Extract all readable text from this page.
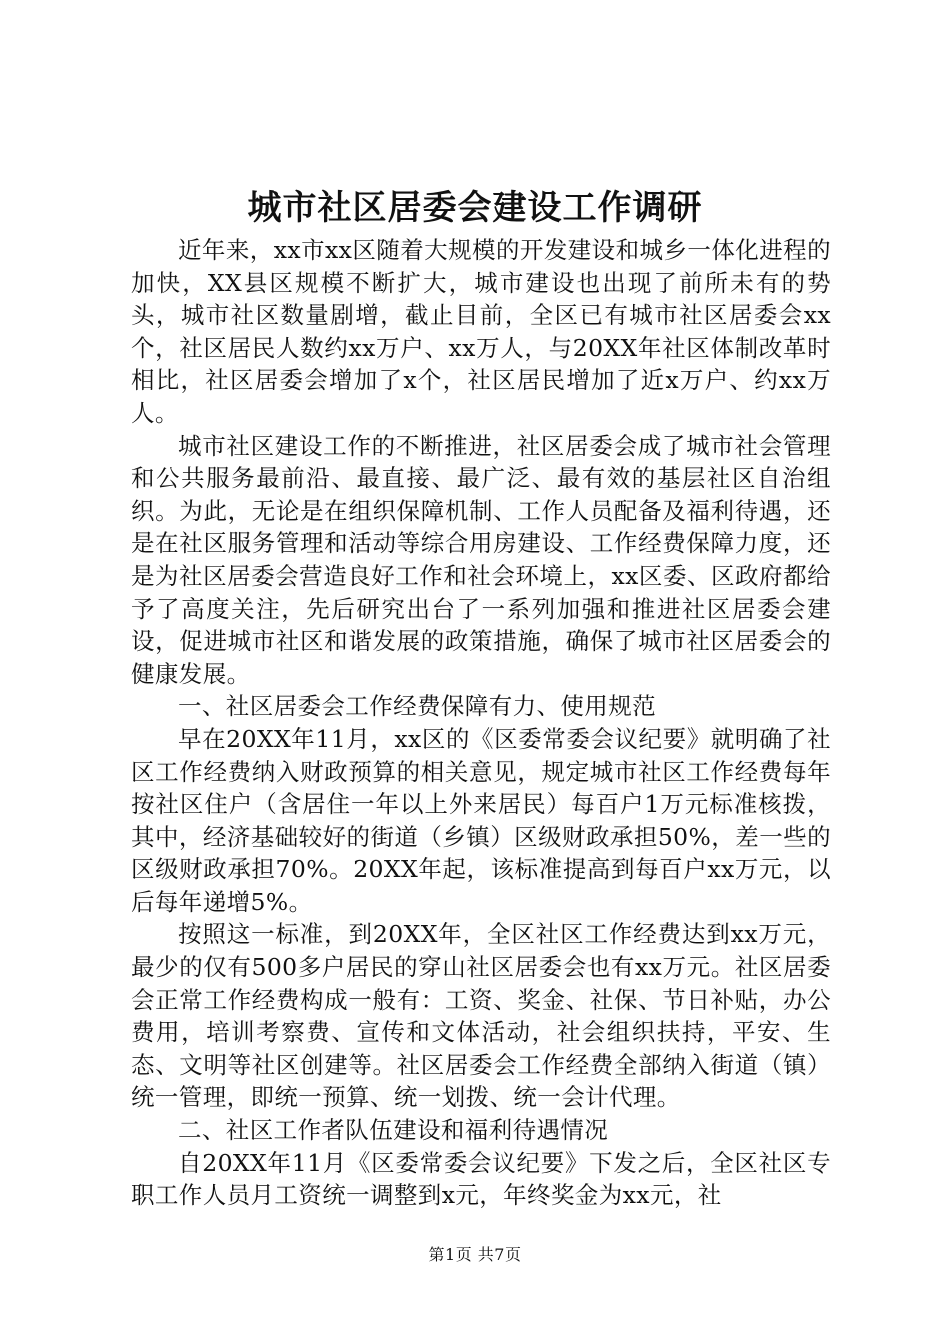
城市社区居委会建设工作调研

近年来，xx市xx区随着大规模的开发建设和城乡一体化进程的加快，XX县区规模不断扩大，城市建设也出现了前所未有的势头，城市社区数量剧增，截止目前，全区已有城市社区居委会xx个，社区居民人数约xx万户、xx万人，与20XX年社区体制改革时相比，社区居委会增加了x个，社区居民增加了近x万户、约xx万人。

城市社区建设工作的不断推进，社区居委会成了城市社会管理和公共服务最前沿、最直接、最广泛、最有效的基层社区自治组织。为此，无论是在组织保障机制、工作人员配备及福利待遇，还是在社区服务管理和活动等综合用房建设、工作经费保障力度，还是为社区居委会营造良好工作和社会环境上，xx区委、区政府都给予了高度关注，先后研究出台了一系列加强和推进社区居委会建设，促进城市社区和谐发展的政策措施，确保了城市社区居委会的健康发展。

一、社区居委会工作经费保障有力、使用规范

早在20XX年11月，xx区的《区委常委会议纪要》就明确了社区工作经费纳入财政预算的相关意见，规定城市社区工作经费每年按社区住户（含居住一年以上外来居民）每百户1万元标准核拨，其中，经济基础较好的街道（乡镇）区级财政承担50%，差一些的区级财政承担70%。20XX年起，该标准提高到每百户xx万元，以后每年递增5%。

按照这一标准，到20XX年，全区社区工作经费达到xx万元，最少的仅有500多户居民的穿山社区居委会也有xx万元。社区居委会正常工作经费构成一般有：工资、奖金、社保、节日补贴，办公费用，培训考察费、宣传和文体活动，社会组织扶持，平安、生态、文明等社区创建等。社区居委会工作经费全部纳入街道（镇）统一管理，即统一预算、统一划拨、统一会计代理。

二、社区工作者队伍建设和福利待遇情况

自20XX年11月《区委常委会议纪要》下发之后，全区社区专职工作人员月工资统一调整到x元，年终奖金为xx元，社

第1页 共7页
